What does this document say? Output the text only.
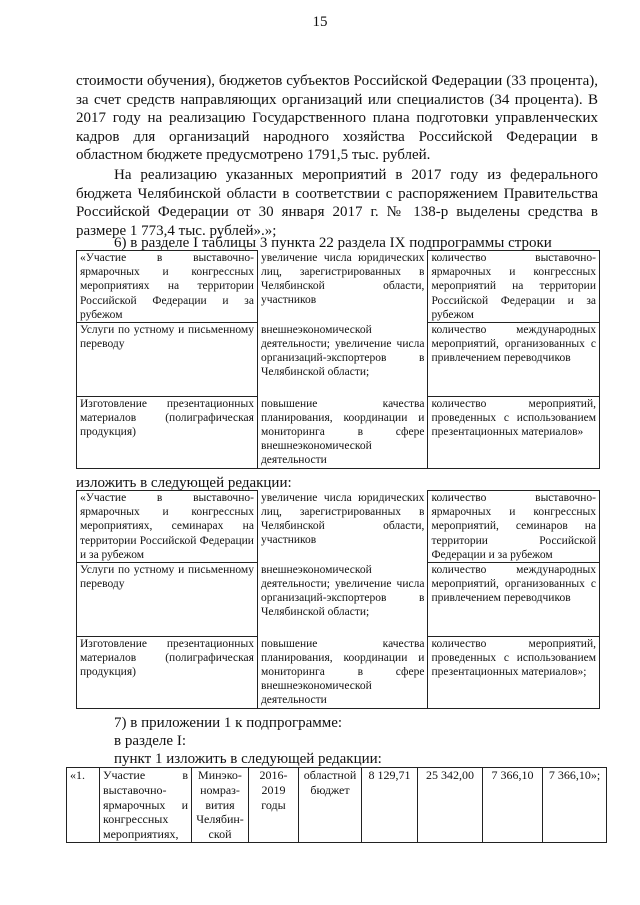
15

стоимости обучения), бюджетов субъектов Российской Федерации (33 процента), за счет средств направляющих организаций или специалистов (34 процента). В 2017 году на реализацию Государственного плана подготовки управленческих кадров для организаций народного хозяйства Российской Федерации в областном бюджете предусмотрено 1791,5 тыс. рублей.

На реализацию указанных мероприятий в 2017 году из федерального бюджета Челябинской области в соответствии с распоряжением Правительства Российской Федерации от 30 января 2017 г. № 138-р выделены средства в размере 1 773,4 тыс. рублей».»;

6) в разделе I таблицы 3 пункта 22 раздела IX подпрограммы строки

«Участие в выставочно-ярмарочных и конгрессных мероприятиях на территории Российской Федерации и за рубежом	увеличение числа юридических лиц, зарегистрированных в Челябинской области, участников	количество выставочно-ярмарочных и конгрессных мероприятий на территории Российской Федерации и за рубежом
Услуги по устному и письменному переводу	внешнеэкономической деятельности; увеличение числа организаций-экспортеров в Челябинской области;	количество международных мероприятий, организованных с привлечением переводчиков
Изготовление презентационных материалов (полиграфическая продукция)	повышение качества планирования, координации и мониторинга в сфере внешнеэкономической деятельности	количество мероприятий, проведенных с использованием презентационных материалов»

изложить в следующей редакции:

«Участие в выставочно-ярмарочных и конгрессных мероприятиях, семинарах на территории Российской Федерации и за рубежом	увеличение числа юридических лиц, зарегистрированных в Челябинской области, участников	количество выставочно-ярмарочных и конгрессных мероприятий, семинаров на территории Российской Федерации и за рубежом
Услуги по устному и письменному переводу	внешнеэкономической деятельности; увеличение числа организаций-экспортеров в Челябинской области;	количество международных мероприятий, организованных с привлечением переводчиков
Изготовление презентационных материалов (полиграфическая продукция)	повышение качества планирования, координации и мониторинга в сфере внешнеэкономической деятельности	количество мероприятий, проведенных с использованием презентационных материалов»;

7) в приложении 1 к подпрограмме:

в разделе I:

пункт 1 изложить в следующей редакции:

«1.	Участие в выставочно-ярмарочных и конгрессных мероприятиях,	Минэко-номраз-вития Челябин-ской	2016-2019 годы	областной бюджет	8 129,71	25 342,00	7 366,10	7 366,10»;
